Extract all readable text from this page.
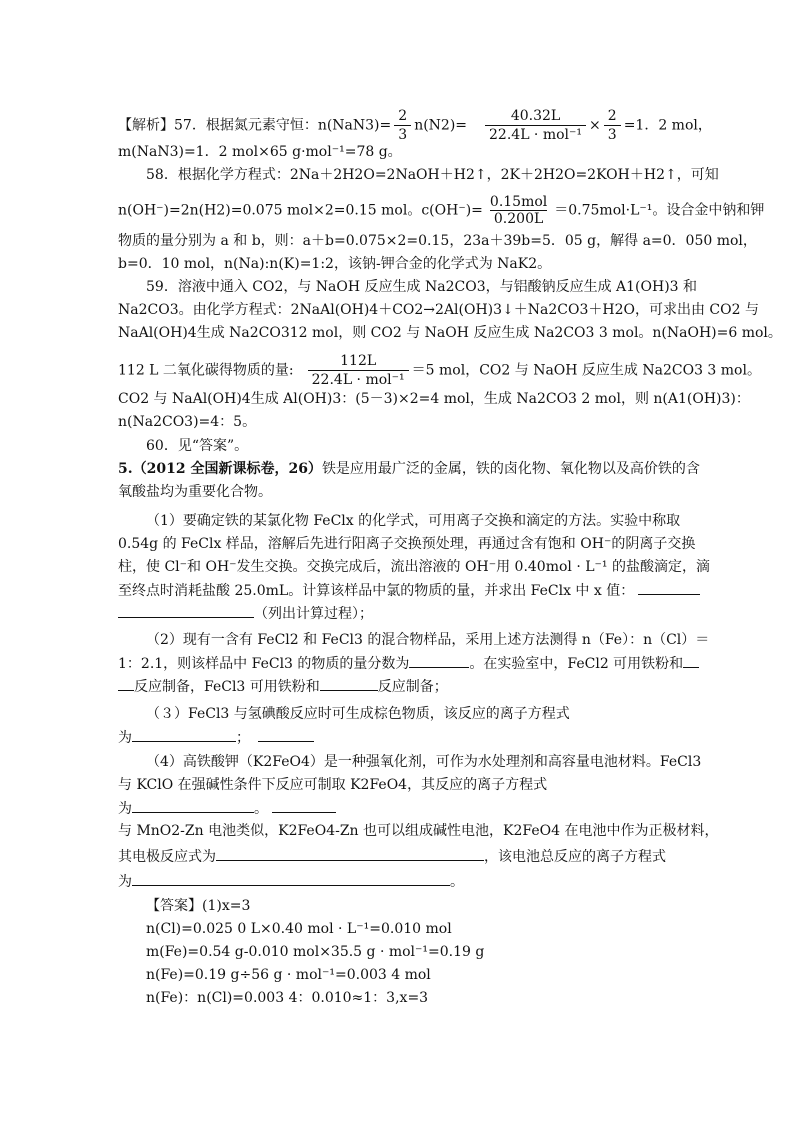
【解析】57．根据氮元素守恒：$n(NaN3)= \frac{2}{3} n(N2)= \frac{40.32L}{\text{22.4L · mol⁻¹}} \times \frac{2}{3} =1$．2 mol，
m(NaN3)=1．2 mol×65 g·mol⁻¹=78 g。
58．根据化学方程式：2Na＋2H2O=2NaOH＋H2↑，2K＋2H2O=2KOH＋H2↑，可知
n(OH⁻)=2n(H2)=0.075 mol×2=0.15 mol。$c(OH^-)= \frac{\text{0.15mol}}{0.200L} =0.75mol\cdot L^{-1}$。设合金中钠和钾
物质的量分别为 a 和 b，则：a＋b=0.075×2=0.15，23a＋39b=5．05 g，解得 a=0．050 mol，
b=0．10 mol，n(Na):n(K)=1:2，该钠-钾合金的化学式为 NaK2。
59．溶液中通入 CO2，与 NaOH 反应生成 Na2CO3，与铝酸钠反应生成 A1(OH)3 和
Na2CO3。由化学方程式：2NaAl(OH)4＋CO2→2Al(OH)3↓＋Na2CO3＋H2O，可求出由 CO2 与
NaAl(OH)4生成 Na2CO312 mol，则 CO2 与 NaOH 反应生成 Na2CO3 3 mol。n(NaOH)=6 mol。
112 L 二氧化碳得物质的量: $\frac{112L}{\text{22.4L · mol⁻¹}} =5$ mol，CO2 与 NaOH 反应生成 Na2CO3 3 mol。
CO2 与 NaAl(OH)4生成 Al(OH)3：(5－3)×2=4 mol，生成 Na2CO3 2 mol，则 n(A1(OH)3)：
n(Na2CO3)=4：5。
60．见“答案”。
5.（2012 全国新课标卷，26）铁是应用最广泛的金属，铁的卤化物、氧化物以及高价铁的含
氧酸盐均为重要化合物。
（1）要确定铁的某氯化物 FeClx 的化学式，可用离子交换和滴定的方法。实验中称取
0.54g 的 FeClx 样品，溶解后先进行阳离子交换预处理，再通过含有饱和 OH⁻的阴离子交换
柱，使 Cl⁻和 OH⁻发生交换。交换完成后，流出溶液的 OH⁻用 0.40mol · L⁻¹ 的盐酸滴定，滴
至终点时消耗盐酸 25.0mL。计算该样品中氯的物质的量，并求出 FeClx 中 x 值：
（列出计算过程）；
（2）现有一含有 FeCl2 和 FeCl3 的混合物样品，采用上述方法测得 n（Fe）：n（Cl）＝
1：2.1，则该样品中 FeCl3 的物质的量分数为	。在实验室中，FeCl2 可用铁粉和
反应制备，FeCl3 可用铁粉和	反应制备；
（３）FeCl3 与氢碘酸反应时可生成棕色物质，该反应的离子方程式
为	；
（4）高铁酸钾（K2FeO4）是一种强氧化剂，可作为水处理剂和高容量电池材料。FeCl3
与 KClO 在强碱性条件下反应可制取 K2FeO4，其反应的离子方程式
为	。
与 MnO2-Zn 电池类似，K2FeO4-Zn 也可以组成碱性电池，K2FeO4 在电池中作为正极材料，
其电极反应式为	，该电池总反应的离子方程式
为	。
【答案】(1)x=3
n(Cl)=0.025 0 L×0.40 mol · L⁻¹=0.010 mol
m(Fe)=0.54 g-0.010 mol×35.5 g · mol⁻¹=0.19 g
n(Fe)=0.19 g÷56 g · mol⁻¹=0.003 4 mol
n(Fe)：n(Cl)=0.003 4：0.010≈1：3,x=3
